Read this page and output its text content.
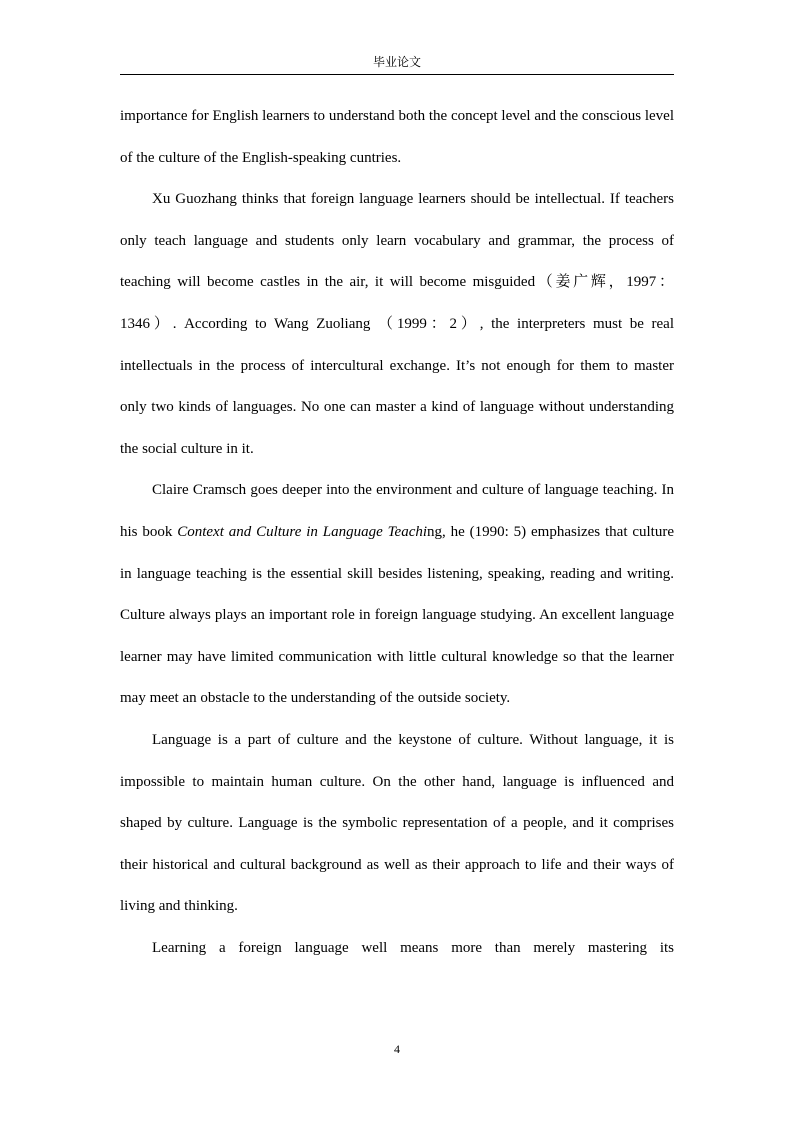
毕业论文

importance for English learners to understand both the concept level and the conscious level of the culture of the English-speaking cuntries.

Xu Guozhang thinks that foreign language learners should be intellectual. If teachers only teach language and students only learn vocabulary and grammar, the process of teaching will become castles in the air, it will become misguided（姜广辉，1997：1346）. According to Wang Zuoliang （1999：2）, the interpreters must be real intellectuals in the process of intercultural exchange. It’s not enough for them to master only two kinds of languages. No one can master a kind of language without understanding the social culture in it.

Claire Cramsch goes deeper into the environment and culture of language teaching. In his book Context and Culture in Language Teaching, he (1990: 5) emphasizes that culture in language teaching is the essential skill besides listening, speaking, reading and writing. Culture always plays an important role in foreign language studying. An excellent language learner may have limited communication with little cultural knowledge so that the learner may meet an obstacle to the understanding of the outside society.

Language is a part of culture and the keystone of culture. Without language, it is impossible to maintain human culture. On the other hand, language is influenced and shaped by culture. Language is the symbolic representation of a people, and it comprises their historical and cultural background as well as their approach to life and their ways of living and thinking.

Learning a foreign language well means more than merely mastering its

4
